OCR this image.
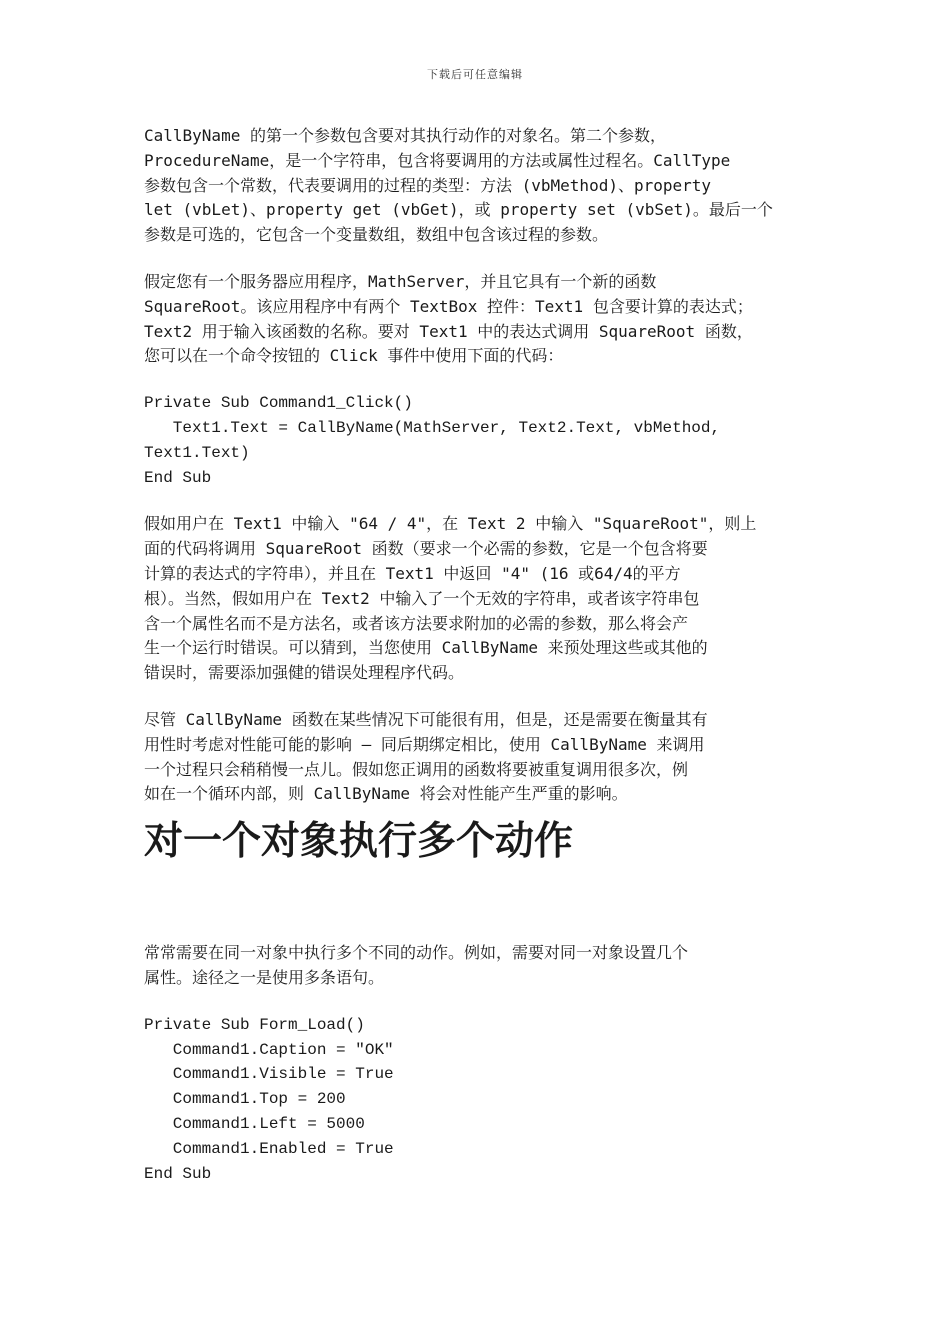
下载后可任意编辑
CallByName 的第一个参数包含要对其执行动作的对象名。第二个参数，
ProcedureName，是一个字符串，包含将要调用的方法或属性过程名。CallType
参数包含一个常数，代表要调用的过程的类型：方法 (vbMethod)、property
let (vbLet)、property get (vbGet)，或 property set (vbSet)。最后一个
参数是可选的，它包含一个变量数组，数组中包含该过程的参数。
假定您有一个服务器应用程序，MathServer，并且它具有一个新的函数
SquareRoot。该应用程序中有两个 TextBox 控件：Text1 包含要计算的表达式；
Text2 用于输入该函数的名称。要对 Text1 中的表达式调用 SquareRoot 函数，
您可以在一个命令按钮的 Click 事件中使用下面的代码：
Private Sub Command1_Click()
Text1.Text = CallByName(MathServer, Text2.Text, vbMethod,
Text1.Text)
End Sub
假如用户在 Text1 中输入 "64 / 4"，在 Text 2 中输入 "SquareRoot"，则上
面的代码将调用 SquareRoot 函数（要求一个必需的参数，它是一个包含将要
计算的表达式的字符串），并且在 Text1 中返回 "4" (16 或64/4的平方
根）。当然，假如用户在 Text2 中输入了一个无效的字符串，或者该字符串包
含一个属性名而不是方法名，或者该方法要求附加的必需的参数，那么将会产
生一个运行时错误。可以猜到，当您使用 CallByName 来预处理这些或其他的
错误时，需要添加强健的错误处理程序代码。
尽管 CallByName 函数在某些情况下可能很有用，但是，还是需要在衡量其有
用性时考虑对性能可能的影响 — 同后期绑定相比，使用 CallByName 来调用
一个过程只会稍稍慢一点儿。假如您正调用的函数将要被重复调用很多次，例
如在一个循环内部，则 CallByName 将会对性能产生严重的影响。
对一个对象执行多个动作
常常需要在同一对象中执行多个不同的动作。例如，需要对同一对象设置几个
属性。途径之一是使用多条语句。
Private Sub Form_Load()
Command1.Caption = "OK"
Command1.Visible = True
Command1.Top = 200
Command1.Left = 5000
Command1.Enabled = True
End Sub
